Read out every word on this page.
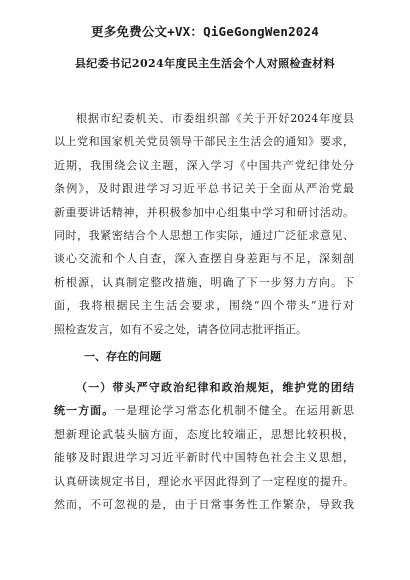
更多免费公文+VX：QiGeGongWen2024
县纪委书记2024年度民主生活会个人对照检查材料
根据市纪委机关、市委组织部《关于开好2024年度县
以上党和国家机关党员领导干部民主生活会的通知》要求，
近期，我围绕会议主题，深入学习《中国共产党纪律处分
条例》，及时跟进学习习近平总书记关于全面从严治党最
新重要讲话精神，并积极参加中心组集中学习和研讨活动。
同时，我紧密结合个人思想工作实际，通过广泛征求意见、
谈心交流和个人自查，深入查摆自身差距与不足，深刻剖
析根源，认真制定整改措施，明确了下一步努力方向。下
面，我将根据民主生活会要求，围绕“四个带头”进行对
照检查发言，如有不妥之处，请各位同志批评指正。
一、存在的问题
（一）带头严守政治纪律和政治规矩，维护党的团结
统一方面。一是理论学习常态化机制不健全。在运用新思
想新理论武装头脑方面，态度比较端正，思想比较积极，
能够及时跟进学习习近平新时代中国特色社会主义思想，
认真研读规定书目，理论水平因此得到了一定程度的提升。
然而，不可忽视的是，由于日常事务性工作繁杂，导致我
